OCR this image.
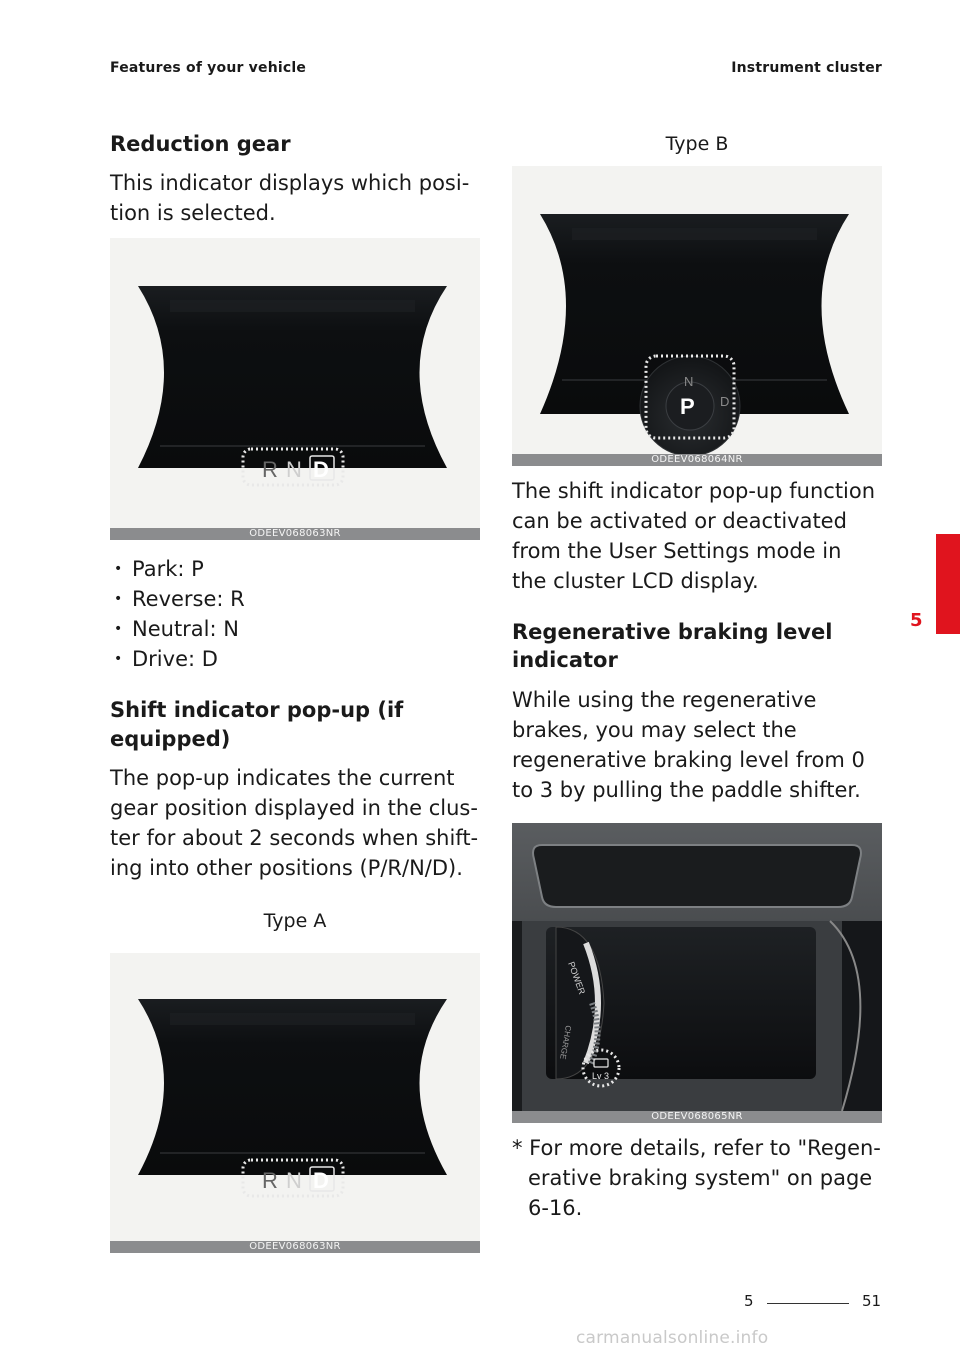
Features of your vehicle	Instrument cluster
Reduction gear

This indicator displays which posi-tion is selected.

R N D
ODEEV068063NR
• Park: P
• Reverse: R
• Neutral: N
• Drive: D
Shift indicator pop-up (if equipped)

The pop-up indicates the current gear position displayed in the clus-ter for about 2 seconds when shift-ing into other positions (P/R/N/D).

Type A
R N D
ODEEV068063NR
Type B
N
P D
ODEEV068064NR

The shift indicator pop-up function can be activated or deactivated from the User Settings mode in the cluster LCD display.

Regenerative braking level indicator

While using the regenerative brakes, you may select the regenerative braking level from 0 to 3 by pulling the paddle shifter.

POWER
CHARGE
Lv 3
ODEEV068065NR

* For more details, refer to "Regen-erative braking system" on page 6-16.

5
5	51
carmanualsonline.info
